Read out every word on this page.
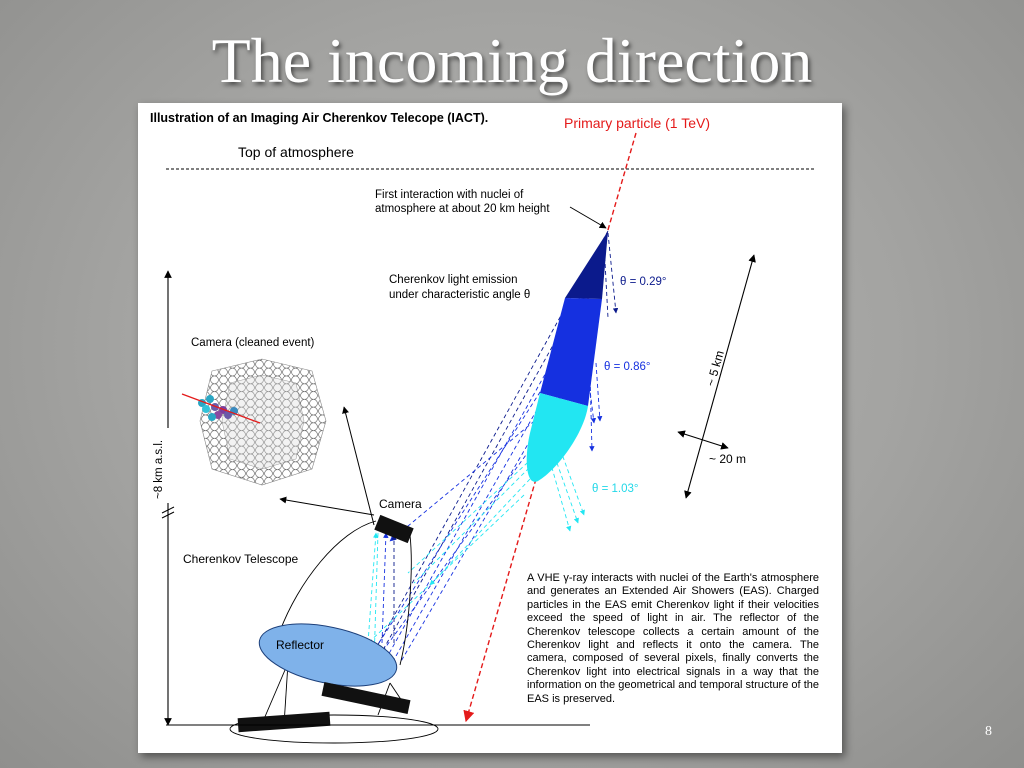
The incoming direction
Illustration of an Imaging Air Cherenkov Telecope (IACT).	Primary particle (1 TeV)
Top of atmosphere
First interaction with nuclei of
atmosphere at about 20 km height
Cherenkov light emission
under characteristic angle θ
θ = 0.29°
θ = 0.86°
θ = 1.03°
~ 5 km
~ 20 m
~8 km a.s.l.
Camera (cleaned event)
Camera
Cherenkov Telescope
Reflector
A VHE γ-ray interacts with nuclei of the Earth's atmosphere and generates an Extended Air Showers (EAS). Charged particles in the EAS emit Cherenkov light if their velocities exceed the speed of light in air. The reflector of the Cherenkov telescope collects a certain amount of the Cherenkov light and reflects it onto the camera. The camera, composed of several pixels, finally converts the Cherenkov light into electrical signals in a way that the information on the geometrical and temporal structure of the EAS is preserved.
8
